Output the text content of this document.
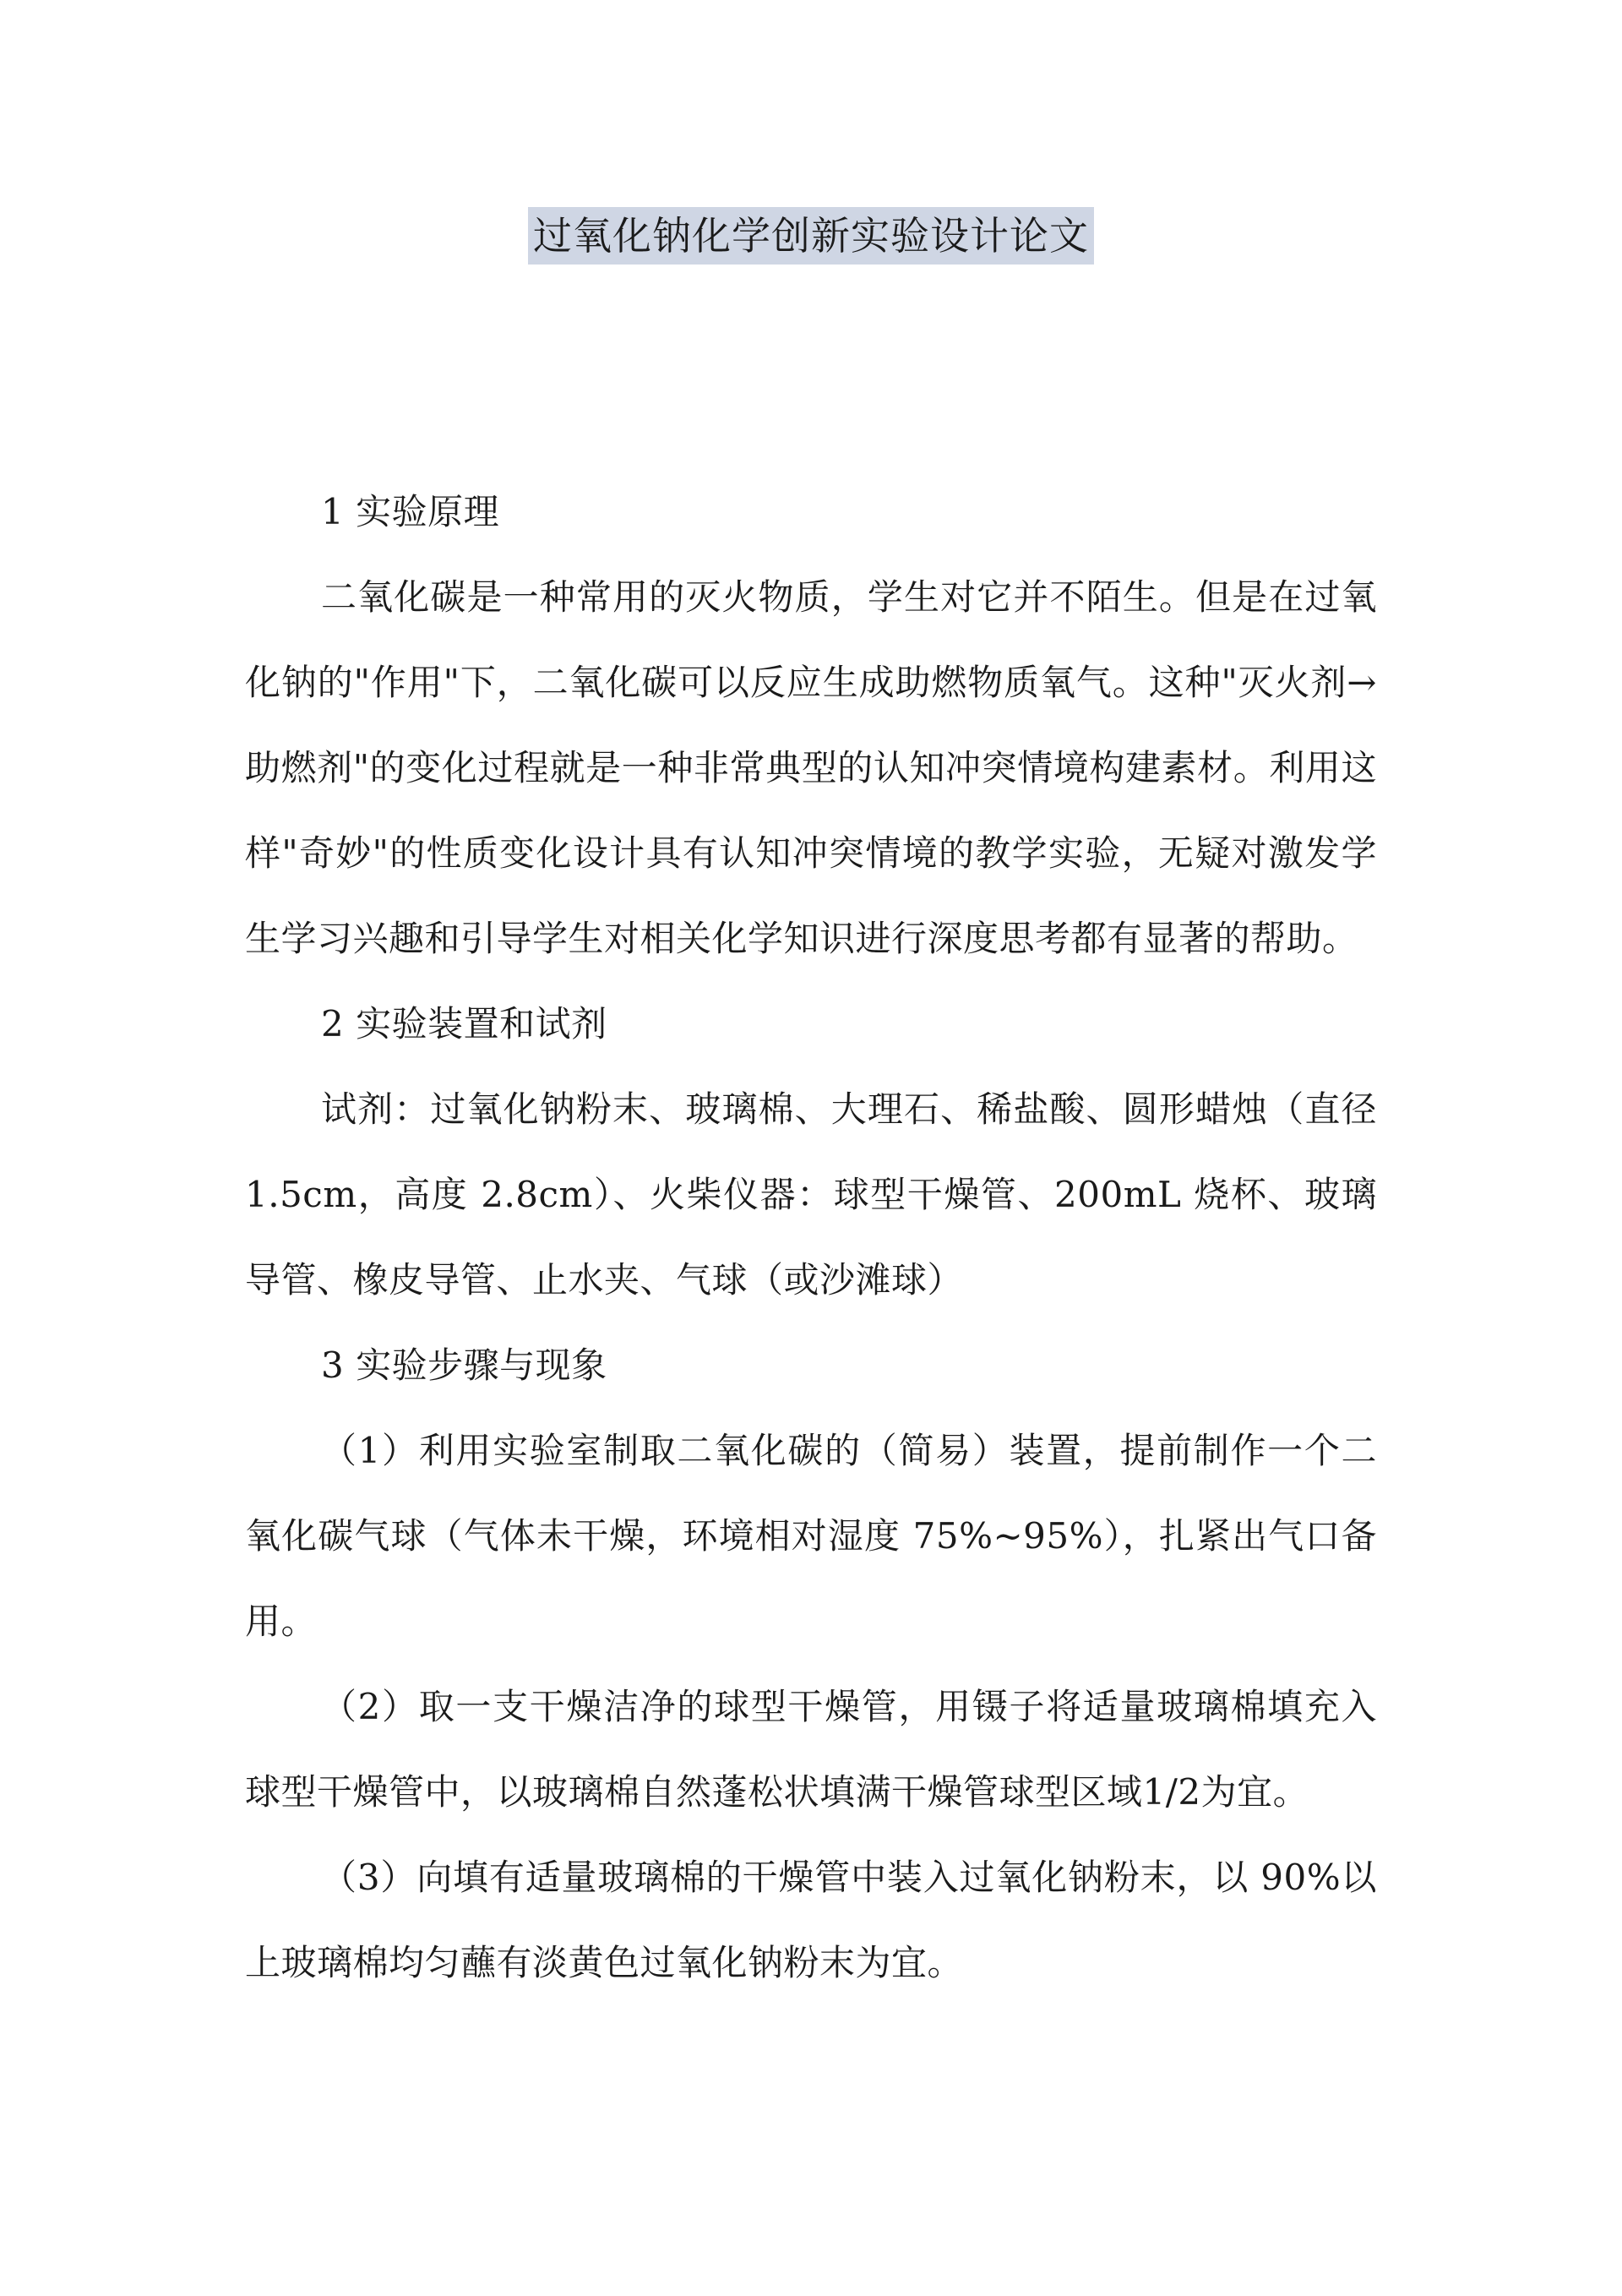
过氧化钠化学创新实验设计论文

1 实验原理

二氧化碳是一种常用的灭火物质，学生对它并不陌生。但是在过氧化钠的"作用"下，二氧化碳可以反应生成助燃物质氧气。这种"灭火剂→助燃剂"的变化过程就是一种非常典型的认知冲突情境构建素材。利用这样"奇妙"的性质变化设计具有认知冲突情境的教学实验，无疑对激发学生学习兴趣和引导学生对相关化学知识进行深度思考都有显著的帮助。

2 实验装置和试剂

试剂：过氧化钠粉末、玻璃棉、大理石、稀盐酸、圆形蜡烛（直径 1.5cm，高度 2.8cm）、火柴仪器：球型干燥管、200mL 烧杯、玻璃导管、橡皮导管、止水夹、气球（或沙滩球）

3 实验步骤与现象

（1）利用实验室制取二氧化碳的（简易）装置，提前制作一个二氧化碳气球（气体未干燥，环境相对湿度 75%~95%），扎紧出气口备用。

（2）取一支干燥洁净的球型干燥管，用镊子将适量玻璃棉填充入球型干燥管中，以玻璃棉自然蓬松状填满干燥管球型区域1/2为宜。

（3）向填有适量玻璃棉的干燥管中装入过氧化钠粉末，以 90%以上玻璃棉均匀蘸有淡黄色过氧化钠粉末为宜。
